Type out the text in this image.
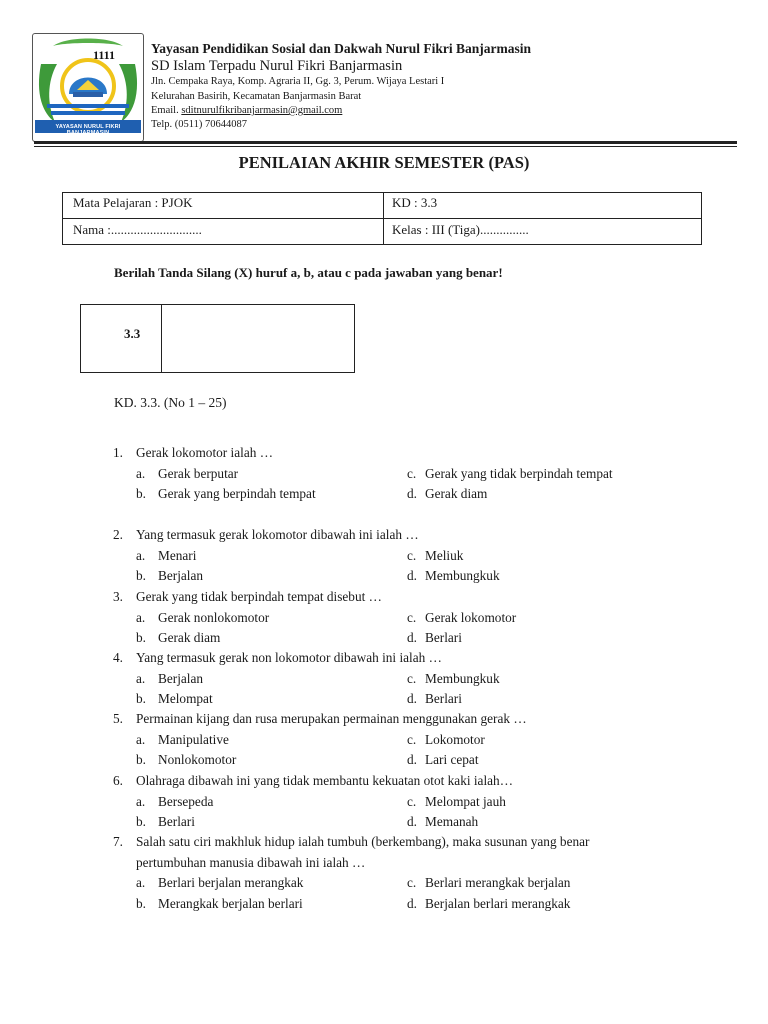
1111
YAYASAN NURUL FIKRI BANJARMASIN
Yayasan Pendidikan Sosial dan Dakwah Nurul Fikri Banjarmasin
SD Islam Terpadu Nurul Fikri Banjarmasin
Jln. Cempaka Raya, Komp. Agraria II, Gg. 3, Perum. Wijaya Lestari I
Kelurahan Basirih, Kecamatan Banjarmasin Barat
Email. sditnurulfikribanjarmasin@gmail.com
Telp. (0511) 70644087
PENILAIAN AKHIR SEMESTER (PAS)
Mata Pelajaran : PJOK	KD : 3.3
Nama :............................	Kelas : III (Tiga)...............
Berilah Tanda Silang (X) huruf a, b, atau c pada jawaban yang benar!
3.3
KD. 3.3. (No 1 – 25)
1. Gerak lokomotor ialah …
a. Gerak berputar
b. Gerak yang berpindah tempat
c. Gerak yang tidak berpindah tempat
d. Gerak diam
2. Yang termasuk gerak lokomotor dibawah ini ialah …
a. Menari
b. Berjalan
c. Meliuk
d. Membungkuk
3. Gerak yang tidak berpindah tempat disebut …
a. Gerak nonlokomotor
b. Gerak diam
c. Gerak lokomotor
d. Berlari
4. Yang termasuk gerak non lokomotor dibawah ini ialah …
a. Berjalan
b. Melompat
c. Membungkuk
d. Berlari
5. Permainan kijang dan rusa merupakan permainan menggunakan gerak …
a. Manipulative
b. Nonlokomotor
c. Lokomotor
d. Lari cepat
6. Olahraga dibawah ini yang tidak membantu kekuatan otot kaki ialah…
a. Bersepeda
b. Berlari
c. Melompat jauh
d. Memanah
7. Salah satu ciri makhluk hidup ialah tumbuh (berkembang), maka susunan yang benar
pertumbuhan manusia dibawah ini ialah …
a. Berlari berjalan merangkak
b. Merangkak berjalan berlari
c. Berlari merangkak berjalan
d. Berjalan berlari merangkak
